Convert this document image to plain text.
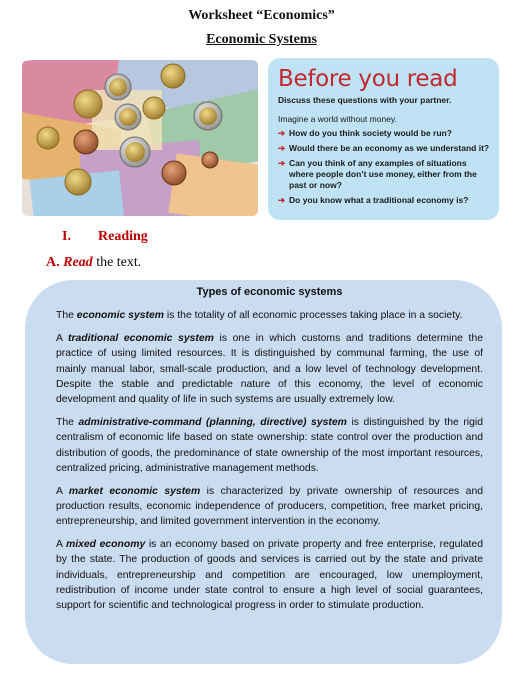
Worksheet “Economics”
Economic Systems
Before you read
Discuss these questions with your partner.
Imagine a world without money.
➔ How do you think society would be run?
➔ Would there be an economy as we understand it?
➔ Can you think of any examples of situations where people don’t use money, either from the past or now?
➔ Do you know what a traditional economy is?
I. Reading
A. Read the text.
Types of economic systems

The economic system is the totality of all economic processes taking place in a society.

A traditional economic system is one in which customs and traditions determine the practice of using limited resources. It is distinguished by communal farming, the use of mainly manual labor, small-scale production, and a low level of technology development. Despite the stable and predictable nature of this economy, the level of economic development and quality of life in such systems are usually extremely low.

The administrative-command (planning, directive) system is distinguished by the rigid centralism of economic life based on state ownership: state control over the production and distribution of goods, the predominance of state ownership of the most important resources, centralized pricing, administrative management methods.

A market economic system is characterized by private ownership of resources and production results, economic independence of producers, competition, free market pricing, entrepreneurship, and limited government intervention in the economy.

A mixed economy is an economy based on private property and free enterprise, regulated by the state. The production of goods and services is carried out by the state and private individuals, entrepreneurship and competition are encouraged, low unemployment, redistribution of income under state control to ensure a high level of social guarantees, support for scientific and technological progress in order to stimulate production.
